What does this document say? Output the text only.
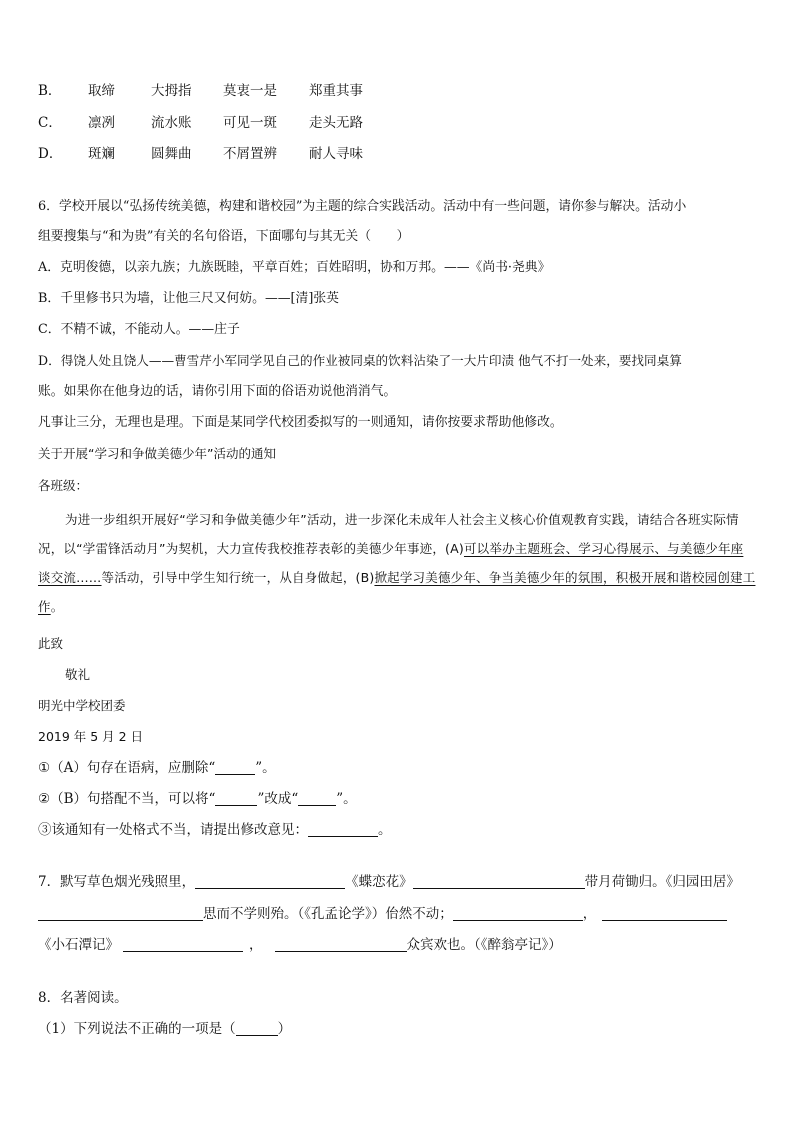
B． 取缔	大拇指 莫衷一是 郑重其事
C． 凛冽	流水账 可见一斑 走头无路
D． 斑斓	圆舞曲 不屑置辨 耐人寻味
6．学校开展以“弘扬传统美德，构建和谐校园”为主题的综合实践活动。活动中有一些问题，请你参与解决。活动小
组要搜集与“和为贵”有关的名句俗语，下面哪句与其无关（　　）
A．克明俊德，以亲九族；九族既睦，平章百姓；百姓昭明，协和万邦。——《尚书·尧典》
B．千里修书只为墙，让他三尺又何妨。——[清]张英
C．不精不诚，不能动人。——庄子
D．得饶人处且饶人——曹雪芹小军同学见自己的作业被同桌的饮料沾染了一大片印渍 他气不打一处来，要找同桌算
账。如果你在他身边的话，请你引用下面的俗语劝说他消消气。
凡事让三分，无理也是理。下面是某同学代校团委拟写的一则通知，请你按要求帮助他修改。
关于开展“学习和争做美德少年”活动的通知
各班级：
为进一步组织开展好“学习和争做美德少年”活动，进一步深化未成年人社会主义核心价值观教育实践，请结合各班实际情况，以“学雷锋活动月”为契机，大力宣传我校推荐表彰的美德少年事迹，(A)可以举办主题班会、学习心得展示、与美德少年座谈交流……等活动，引导中学生知行统一，从自身做起，(B)掀起学习美德少年、争当美德少年的氛围，积极开展和谐校园创建工作。
此致
敬礼
明光中学校团委
2019 年 5 月 2 日
①（A）句存在语病，应删除“	”。
②（B）句搭配不当，可以将“	”改成“	”。
③该通知有一处格式不当，请提出修改意见：	。
7．默写草色烟光残照里，	《蝶恋花》	带月荷锄归。《归园田居》
思而不学则殆。（《孔孟论学》）佁然不动；	，
《小石潭记》	，	众宾欢也。（《醉翁亭记》）
8．名著阅读。
（1）下列说法不正确的一项是（	）
